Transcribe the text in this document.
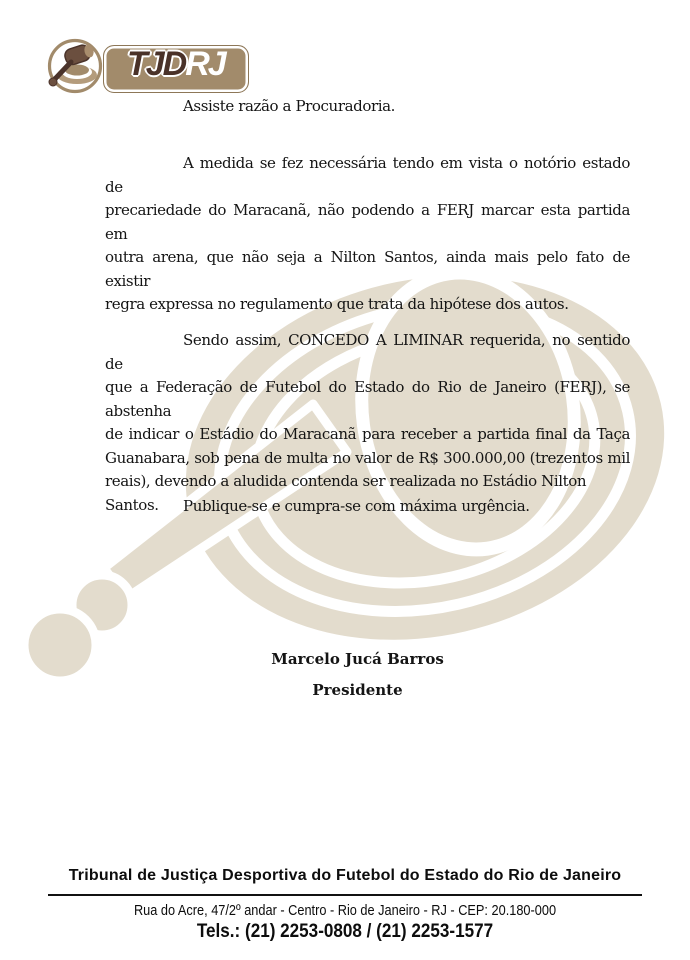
TJDRJ
Assiste razão a Procuradoria.
A medida se fez necessária tendo em vista o notório estado de
precariedade do Maracanã, não podendo a FERJ marcar esta partida em
outra arena, que não seja a Nilton Santos, ainda mais pelo fato de existir
regra expressa no regulamento que trata da hipótese dos autos.
Sendo assim, CONCEDO A LIMINAR requerida, no sentido de
que a Federação de Futebol do Estado do Rio de Janeiro (FERJ), se abstenha
de indicar o Estádio do Maracanã para receber a partida final da Taça
Guanabara, sob pena de multa no valor de R$ 300.000,00 (trezentos mil
reais), devendo a aludida contenda ser realizada no Estádio Nilton Santos.	Publique-se e cumpra-se com máxima urgência.
Marcelo Jucá Barros
Presidente
Tribunal de Justiça Desportiva do Futebol do Estado do Rio de Janeiro
Rua do Acre, 47/2º andar - Centro - Rio de Janeiro - RJ - CEP: 20.180-000
Tels.: (21) 2253-0808 / (21) 2253-1577
